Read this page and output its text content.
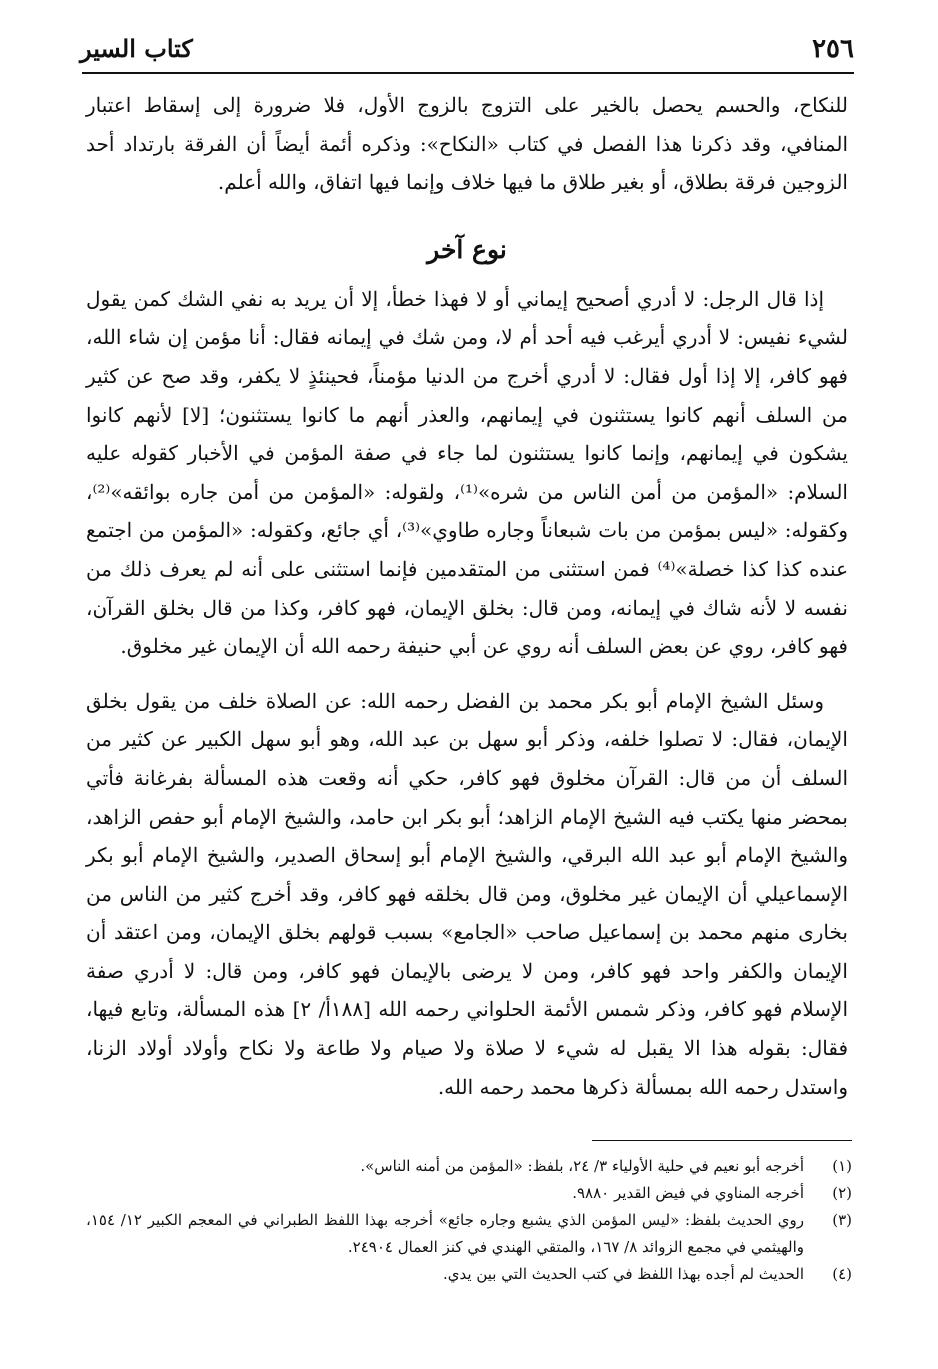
٢٥٦
كتاب السير

للنكاح، والحسم يحصل بالخير على التزوج بالزوج الأول، فلا ضرورة إلى إسقاط اعتبار المنافي، وقد ذكرنا هذا الفصل في كتاب «النكاح»: وذكره أئمة أيضاً أن الفرقة بارتداد أحد الزوجين فرقة بطلاق، أو بغير طلاق ما فيها خلاف وإنما فيها اتفاق، والله أعلم.

نوع آخر

إذا قال الرجل: لا أدري أصحيح إيماني أو لا فهذا خطأ، إلا أن يريد به نفي الشك كمن يقول لشيء نفيس: لا أدري أيرغب فيه أحد أم لا، ومن شك في إيمانه فقال: أنا مؤمن إن شاء الله، فهو كافر، إلا إذا أول فقال: لا أدري أخرج من الدنيا مؤمناً، فحينئذٍ لا يكفر، وقد صح عن كثير من السلف أنهم كانوا يستثنون في إيمانهم، والعذر أنهم ما كانوا يستثنون؛ [لا] لأنهم كانوا يشكون في إيمانهم، وإنما كانوا يستثنون لما جاء في صفة المؤمن في الأخبار كقوله عليه السلام: «المؤمن من أمن الناس من شره»⁽¹⁾، ولقوله: «المؤمن من أمن جاره بوائقه»⁽²⁾، وكقوله: «ليس بمؤمن من بات شبعاناً وجاره طاوي»⁽³⁾، أي جائع، وكقوله: «المؤمن من اجتمع عنده كذا كذا خصلة»⁽⁴⁾ فمن استثنى من المتقدمين فإنما استثنى على أنه لم يعرف ذلك من نفسه لا لأنه شاك في إيمانه، ومن قال: بخلق الإيمان، فهو كافر، وكذا من قال بخلق القرآن، فهو كافر، روي عن بعض السلف أنه روي عن أبي حنيفة رحمه الله أن الإيمان غير مخلوق.

وسئل الشيخ الإمام أبو بكر محمد بن الفضل رحمه الله: عن الصلاة خلف من يقول بخلق الإيمان، فقال: لا تصلوا خلفه، وذكر أبو سهل بن عبد الله، وهو أبو سهل الكبير عن كثير من السلف أن من قال: القرآن مخلوق فهو كافر، حكي أنه وقعت هذه المسألة بفرغانة فأتي بمحضر منها يكتب فيه الشيخ الإمام الزاهد؛ أبو بكر ابن حامد، والشيخ الإمام أبو حفص الزاهد، والشيخ الإمام أبو عبد الله البرقي، والشيخ الإمام أبو إسحاق الصدير، والشيخ الإمام أبو بكر الإسماعيلي أن الإيمان غير مخلوق، ومن قال بخلقه فهو كافر، وقد أخرج كثير من الناس من بخارى منهم محمد بن إسماعيل صاحب «الجامع» بسبب قولهم بخلق الإيمان، ومن اعتقد أن الإيمان والكفر واحد فهو كافر، ومن لا يرضى بالإيمان فهو كافر، ومن قال: لا أدري صفة الإسلام فهو كافر، وذكر شمس الأئمة الحلواني رحمه الله [١٨٨أ/ ٢] هذه المسألة، وتابع فيها، فقال: بقوله هذا الا يقبل له شيء لا صلاة ولا صيام ولا طاعة ولا نكاح وأولاد أولاد الزنا، واستدل رحمه الله بمسألة ذكرها محمد رحمه الله.

(١)
أخرجه أبو نعيم في حلية الأولياء ٣/ ٢٤، بلفظ: «المؤمن من أمنه الناس».
(٢)
أخرجه المناوي في فيض القدير ٩٨٨٠.
(٣)
روي الحديث بلفظ: «ليس المؤمن الذي يشبع وجاره جائع» أخرجه بهذا اللفظ الطبراني في المعجم الكبير ١٢/ ١٥٤، والهيثمي في مجمع الزوائد ٨/ ١٦٧، والمتقي الهندي في كنز العمال ٢٤٩٠٤.
(٤)
الحديث لم أجده بهذا اللفظ في كتب الحديث التي بين يدي.
